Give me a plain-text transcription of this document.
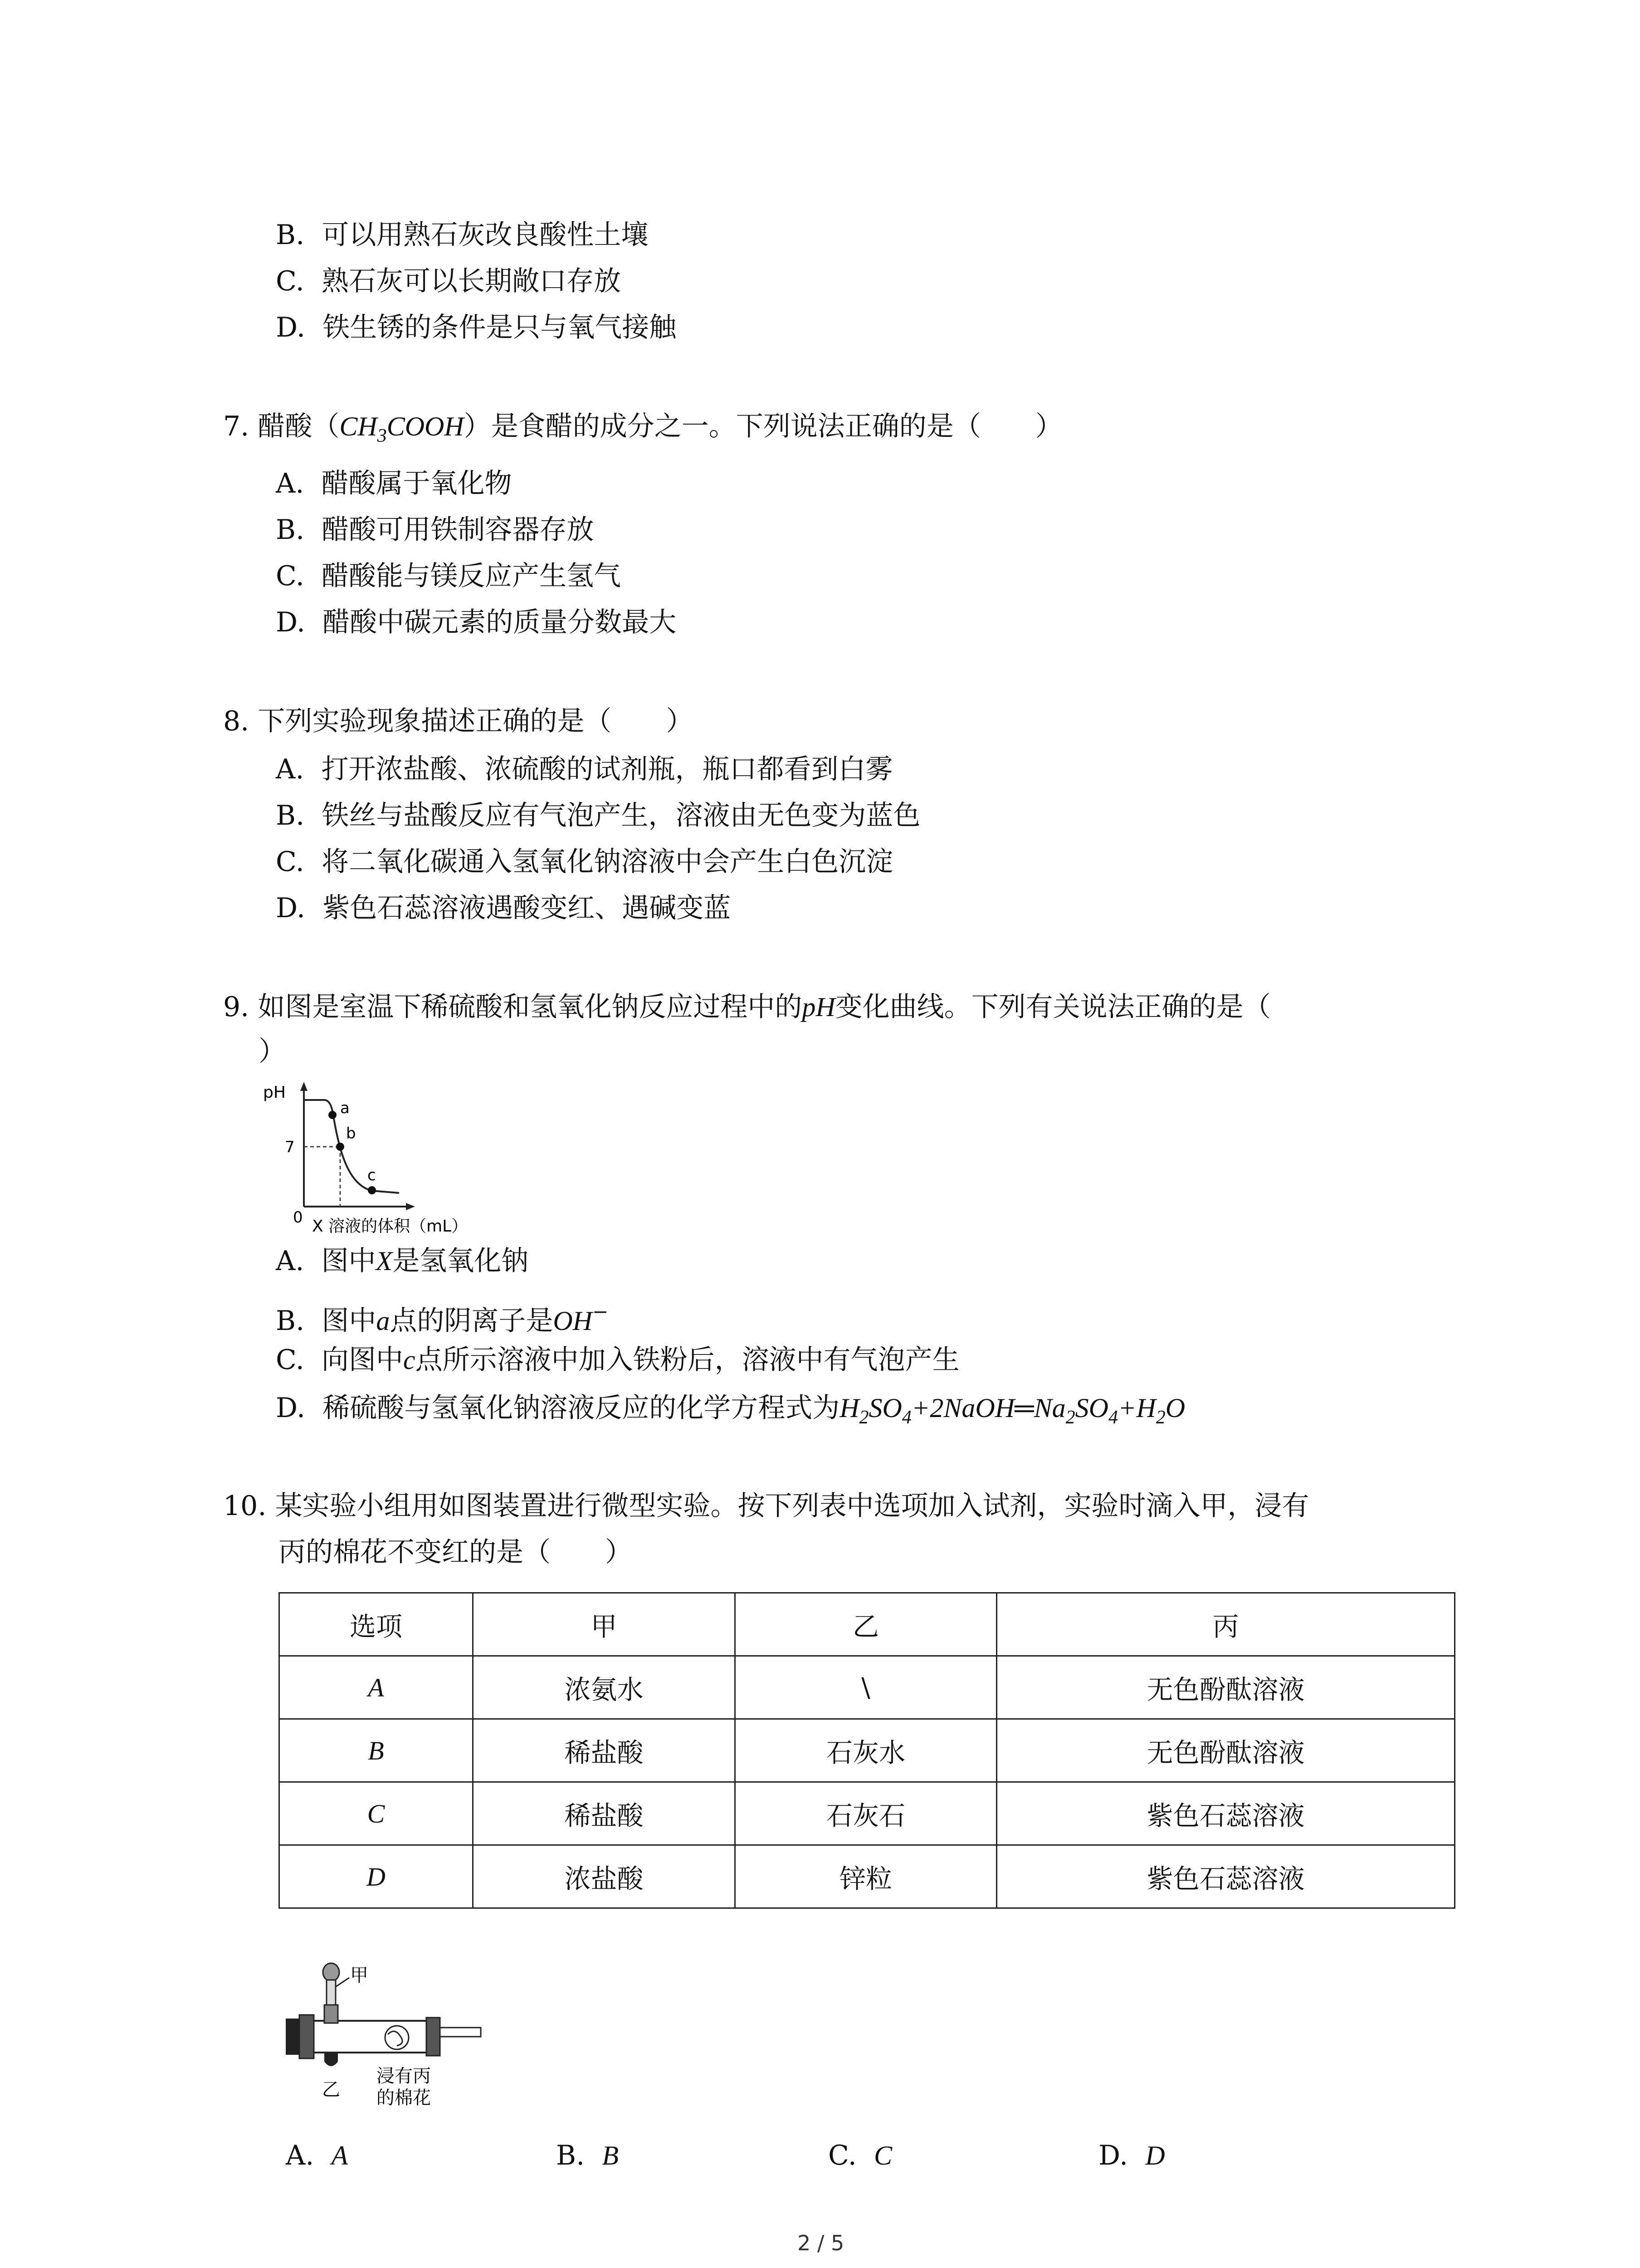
B. 可以用熟石灰改良酸性土壤
C. 熟石灰可以长期敞口存放
D. 铁生锈的条件是只与氧气接触
7. 醋酸$(CH_3COOH)$是食醋的成分之一。下列说法正确的是（　　）
A. 醋酸属于氧化物
B. 醋酸可用铁制容器存放
C. 醋酸能与镁反应产生氢气
D. 醋酸中碳元素的质量分数最大
8. 下列实验现象描述正确的是（　　）
A. 打开浓盐酸、浓硫酸的试剂瓶，瓶口都看到白雾
B. 铁丝与盐酸反应有气泡产生，溶液由无色变为蓝色
C. 将二氧化碳通入氢氧化钠溶液中会产生白色沉淀
D. 紫色石蕊溶液遇酸变红、遇碱变蓝
9. 如图是室温下稀硫酸和氢氧化钠反应过程中的pH变化曲线。下列有关说法正确的是（
）
pH
7
a
b
c
0 X 溶液的体积（mL）
A. 图中X是氢氧化钠
B. 图中a点的阴离子是OH−
C. 向图中c点所示溶液中加入铁粉后，溶液中有气泡产生
D. 稀硫酸与氢氧化钠溶液反应的化学方程式为$H_2SO_4+2NaOH═Na_2SO_4+H_2O$
10. 某实验小组用如图装置进行微型实验。按下列表中选项加入试剂，实验时滴入甲，浸有
丙的棉花不变红的是（　　）
选项	甲	乙	丙
A	浓氨水	\	无色酚酞溶液
B	稀盐酸	石灰水	无色酚酞溶液
C	稀盐酸	石灰石	紫色石蕊溶液
D	浓盐酸	锌粒	紫色石蕊溶液
甲
乙
浸有丙
的棉花
A. A	B. B	C. C	D. D
2 / 5
